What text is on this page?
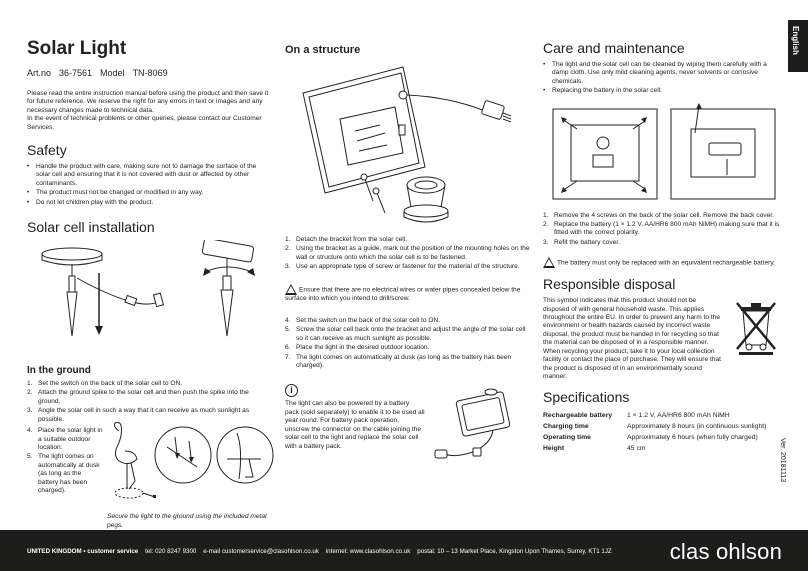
Solar Light
Art.no 36-7561 Model TN-8069

Please read the entire instruction manual before using the product and then save it for future reference. We reserve the right for any errors in text or images and any necessary changes made to technical data.

In the event of technical problems or other queries, please contact our Customer Services.

Safety
• Handle the product with care, making sure not to damage the surface of the solar cell and ensuring that it is not covered with dust or affected by other contaminants.
• The product must not be changed or modified in any way.
• Do not let children play with the product.
Solar cell installation
In the ground
1. Set the switch on the back of the solar cell to ON.
2. Attach the ground spike to the solar cell and then push the spike into the ground.
3. Angle the solar cell in such a way that it can receive as much sunlight as possible.
4. Place the solar light in a suitable outdoor location.
5. The light comes on automatically at dusk (as long as the battery has been charged).
Secure the light to the ground using the included metal pegs.
On a structure
1. Detach the bracket from the solar cell.
2. Using the bracket as a guide, mark out the position of the mounting holes on the wall or structure onto which the solar cell is to be fastened.
3. Use an appropriate type of screw or fastener for the material of the structure.
Ensure that there are no electrical wires or water pipes concealed below the surface into which you intend to drill/screw.
4. Set the switch on the back of the solar cell to ON.
5. Screw the solar cell back onto the bracket and adjust the angle of the solar cell so it can receive as much sunlight as possible.
6. Place the light in the desired outdoor location.
7. The light comes on automatically at dusk (as long as the battery has been charged).
i

The light can also be powered by a battery pack (sold separately) to enable it to be used all year round. For battery pack operation, unscrew the connector on the cable joining the solar cell to the light and replace the solar cell with a battery pack.

Care and maintenance
• The light and the solar cell can be cleaned by wiping them carefully with a damp cloth. Use only mild cleaning agents, never solvents or corrosive chemicals.
• Replacing the battery in the solar cell:
1. Remove the 4 screws on the back of the solar cell. Remove the back cover.
2. Replace the battery (1 × 1.2 V, AA/HR6 800 mAh NiMH) making sure that it is fitted with the correct polarity.
3. Refit the battery cover.
The battery must only be replaced with an equivalent rechargeable battery.
Responsible disposal

This symbol indicates that this product should not be disposed of with general household waste. This applies throughout the entire EU. In order to prevent any harm to the environment or health hazards caused by incorrect waste disposal, the product must be handed in for recycling so that the material can be disposed of in a responsible manner. When recycling your product, take it to your local collection facility or contact the place of purchase. They will ensure that the product is disposed of in an environmentally sound manner.

Specifications
Rechargeable battery	1 × 1.2 V, AA/HR6 800 mAh NiMH
Charging time	Approximately 8 hours (in continuous sunlight)
Operating time	Approximately 6 hours (when fully charged)
Height	45 cm
English
Ver. 20181113
UNITED KINGDOM • customer service tel: 020 8247 9300 e-mail customerservice@clasohlson.co.uk internet: www.clasohlson.co.uk postal: 10 – 13 Market Place, Kingston Upon Thames, Surrey, KT1 1JZ	clas ohlson
